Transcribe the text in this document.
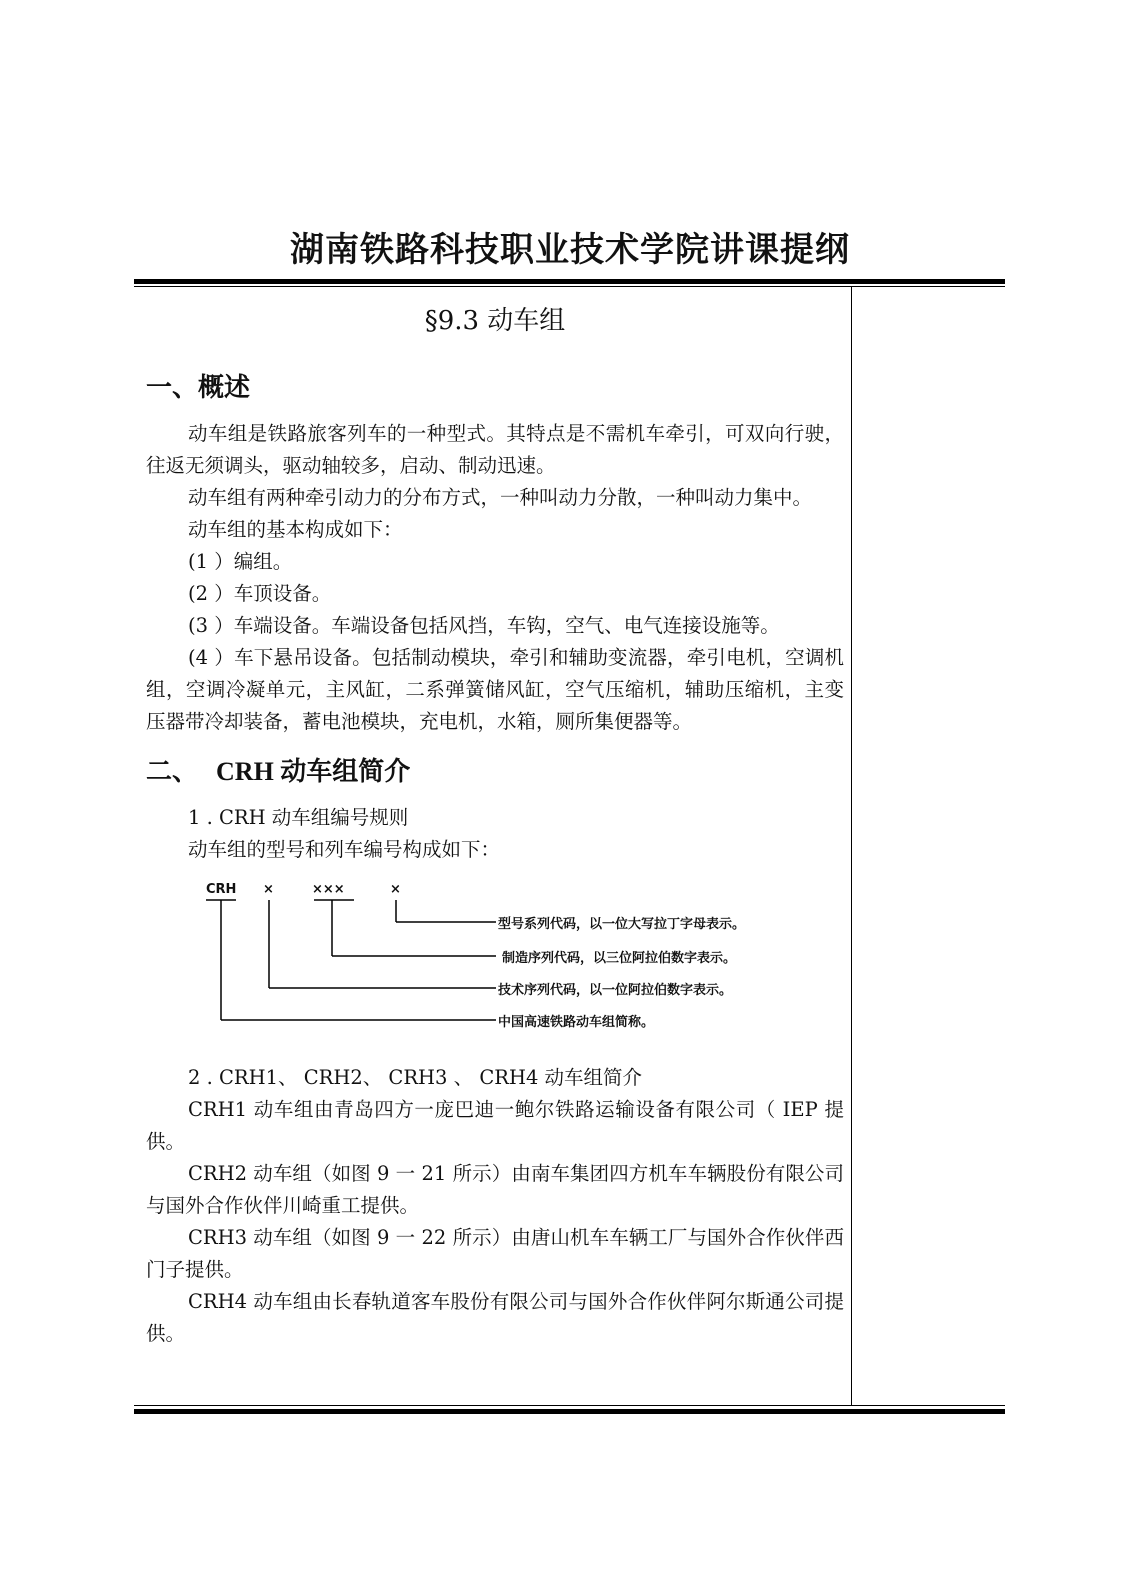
湖南铁路科技职业技术学院讲课提纲
§9.3 动车组
一、概述
动车组是铁路旅客列车的一种型式。其特点是不需机车牵引，可双向行驶，往返无须调头，驱动轴较多，启动、制动迅速。
动车组有两种牵引动力的分布方式，一种叫动力分散，一种叫动力集中。
动车组的基本构成如下：
(1 ）编组。
(2 ）车顶设备。
(3 ）车端设备。车端设备包括风挡，车钩，空气、电气连接设施等。
(4 ）车下悬吊设备。包括制动模块，牵引和辅助变流器，牵引电机，空调机组，空调冷凝单元，主风缸，二系弹簧储风缸，空气压缩机，辅助压缩机，主变压器带冷却装备，蓄电池模块，充电机，水箱，厕所集便器等。
二、 CRH 动车组简介
1 . CRH 动车组编号规则
动车组的型号和列车编号构成如下：
CRH ×	×××	×
型号系列代码，以一位大写拉丁字母表示。
制造序列代码，以三位阿拉伯数字表示。
技术序列代码，以一位阿拉伯数字表示。
中国高速铁路动车组简称。
2 . CRH1、 CRH2、 CRH3 、 CRH4 动车组简介
CRH1 动车组由青岛四方一庞巴迪一鲍尔铁路运输设备有限公司（ IEP 提供。
CRH2 动车组（如图 9 一 21 所示）由南车集团四方机车车辆股份有限公司与国外合作伙伴川崎重工提供。
CRH3 动车组（如图 9 一 22 所示）由唐山机车车辆工厂与国外合作伙伴西门子提供。
CRH4 动车组由长春轨道客车股份有限公司与国外合作伙伴阿尔斯通公司提供。
